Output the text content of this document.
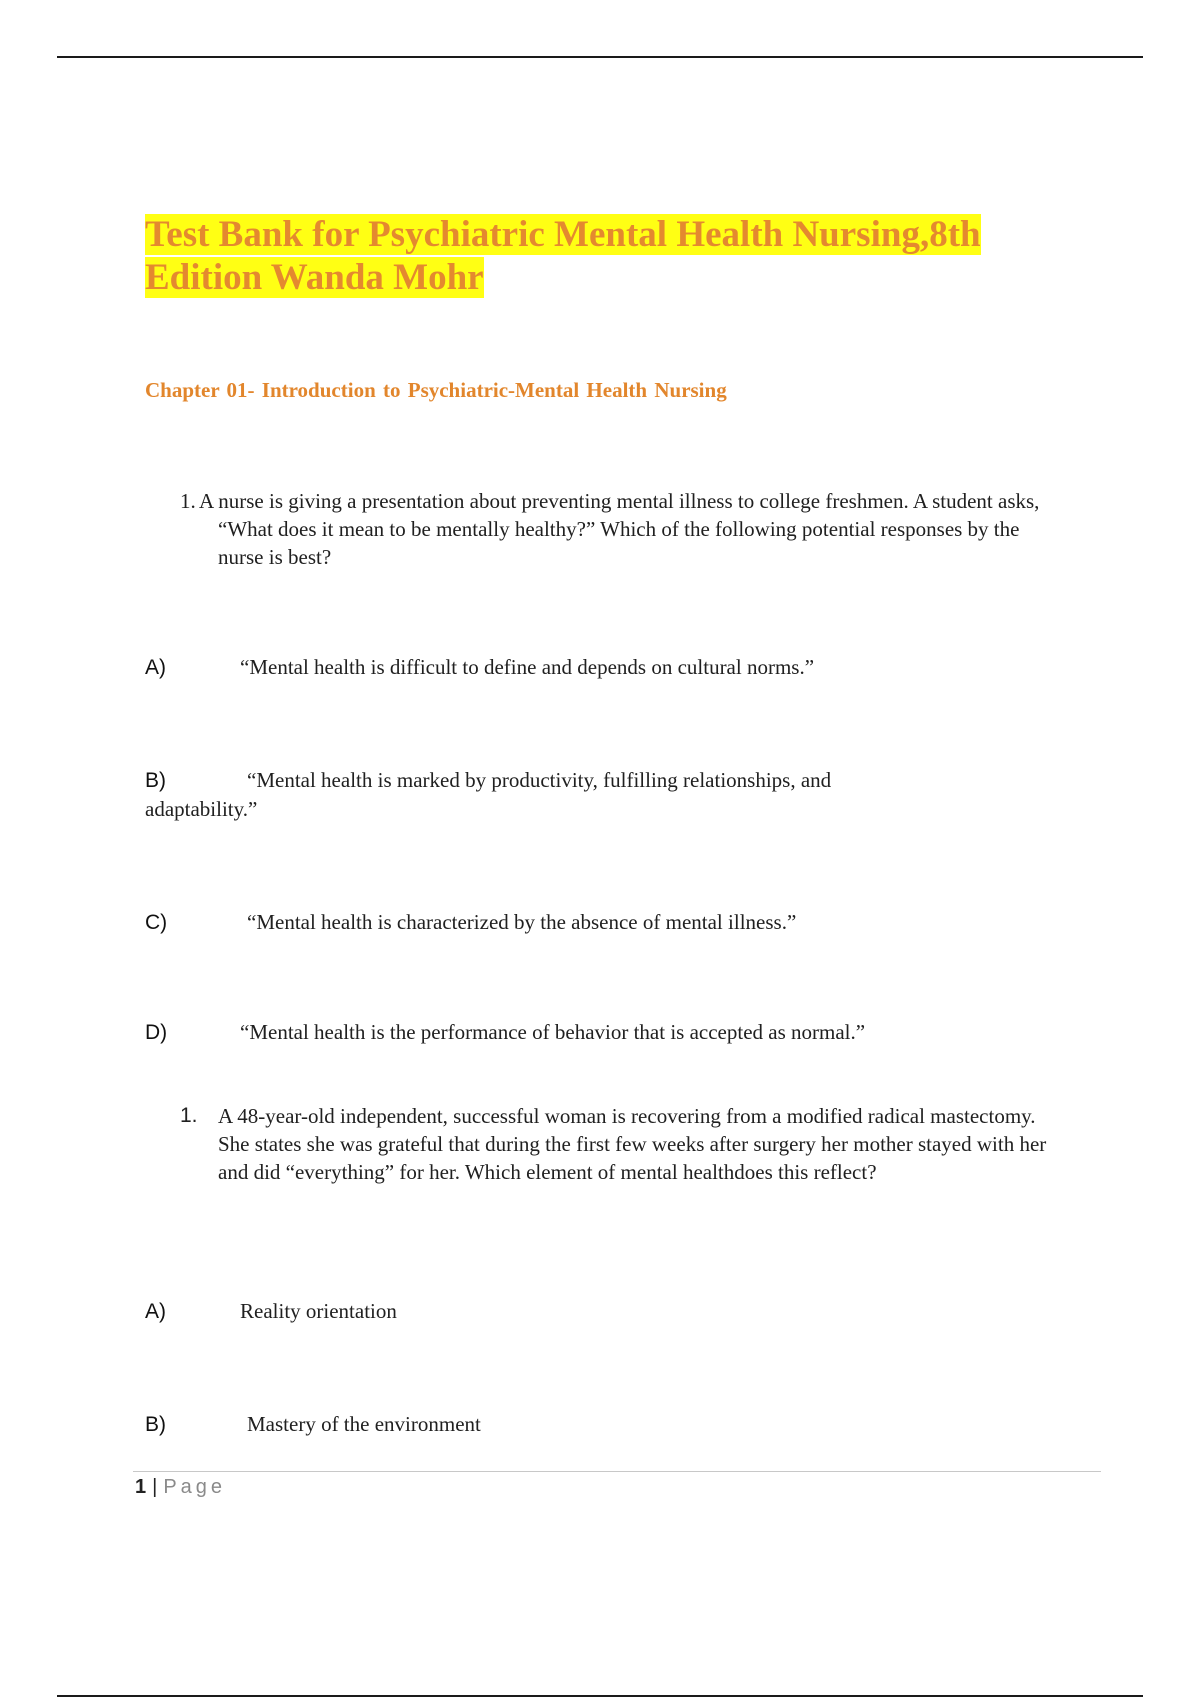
Test Bank for Psychiatric Mental Health Nursing,8th
Edition Wanda Mohr
Chapter 01- Introduction to Psychiatric-Mental Health Nursing
1. A nurse is giving a presentation about preventing mental illness to college freshmen. A student asks, “What does it mean to be mentally healthy?” Which of the following potential responses by the nurse is best?
A)	“Mental health is difficult to define and depends on cultural norms.”
B)	“Mental health is marked by productivity, fulfilling relationships, and adaptability.”
C)	“Mental health is characterized by the absence of mental illness.”
D)	“Mental health is the performance of behavior that is accepted as normal.”
1. A 48-year-old independent, successful woman is recovering from a modified radical mastectomy. She states she was grateful that during the first few weeks after surgery her mother stayed with her and did “everything” for her. Which element of mental healthdoes this reflect?
A)	Reality orientation
B)	Mastery of the environment
1 | Page
